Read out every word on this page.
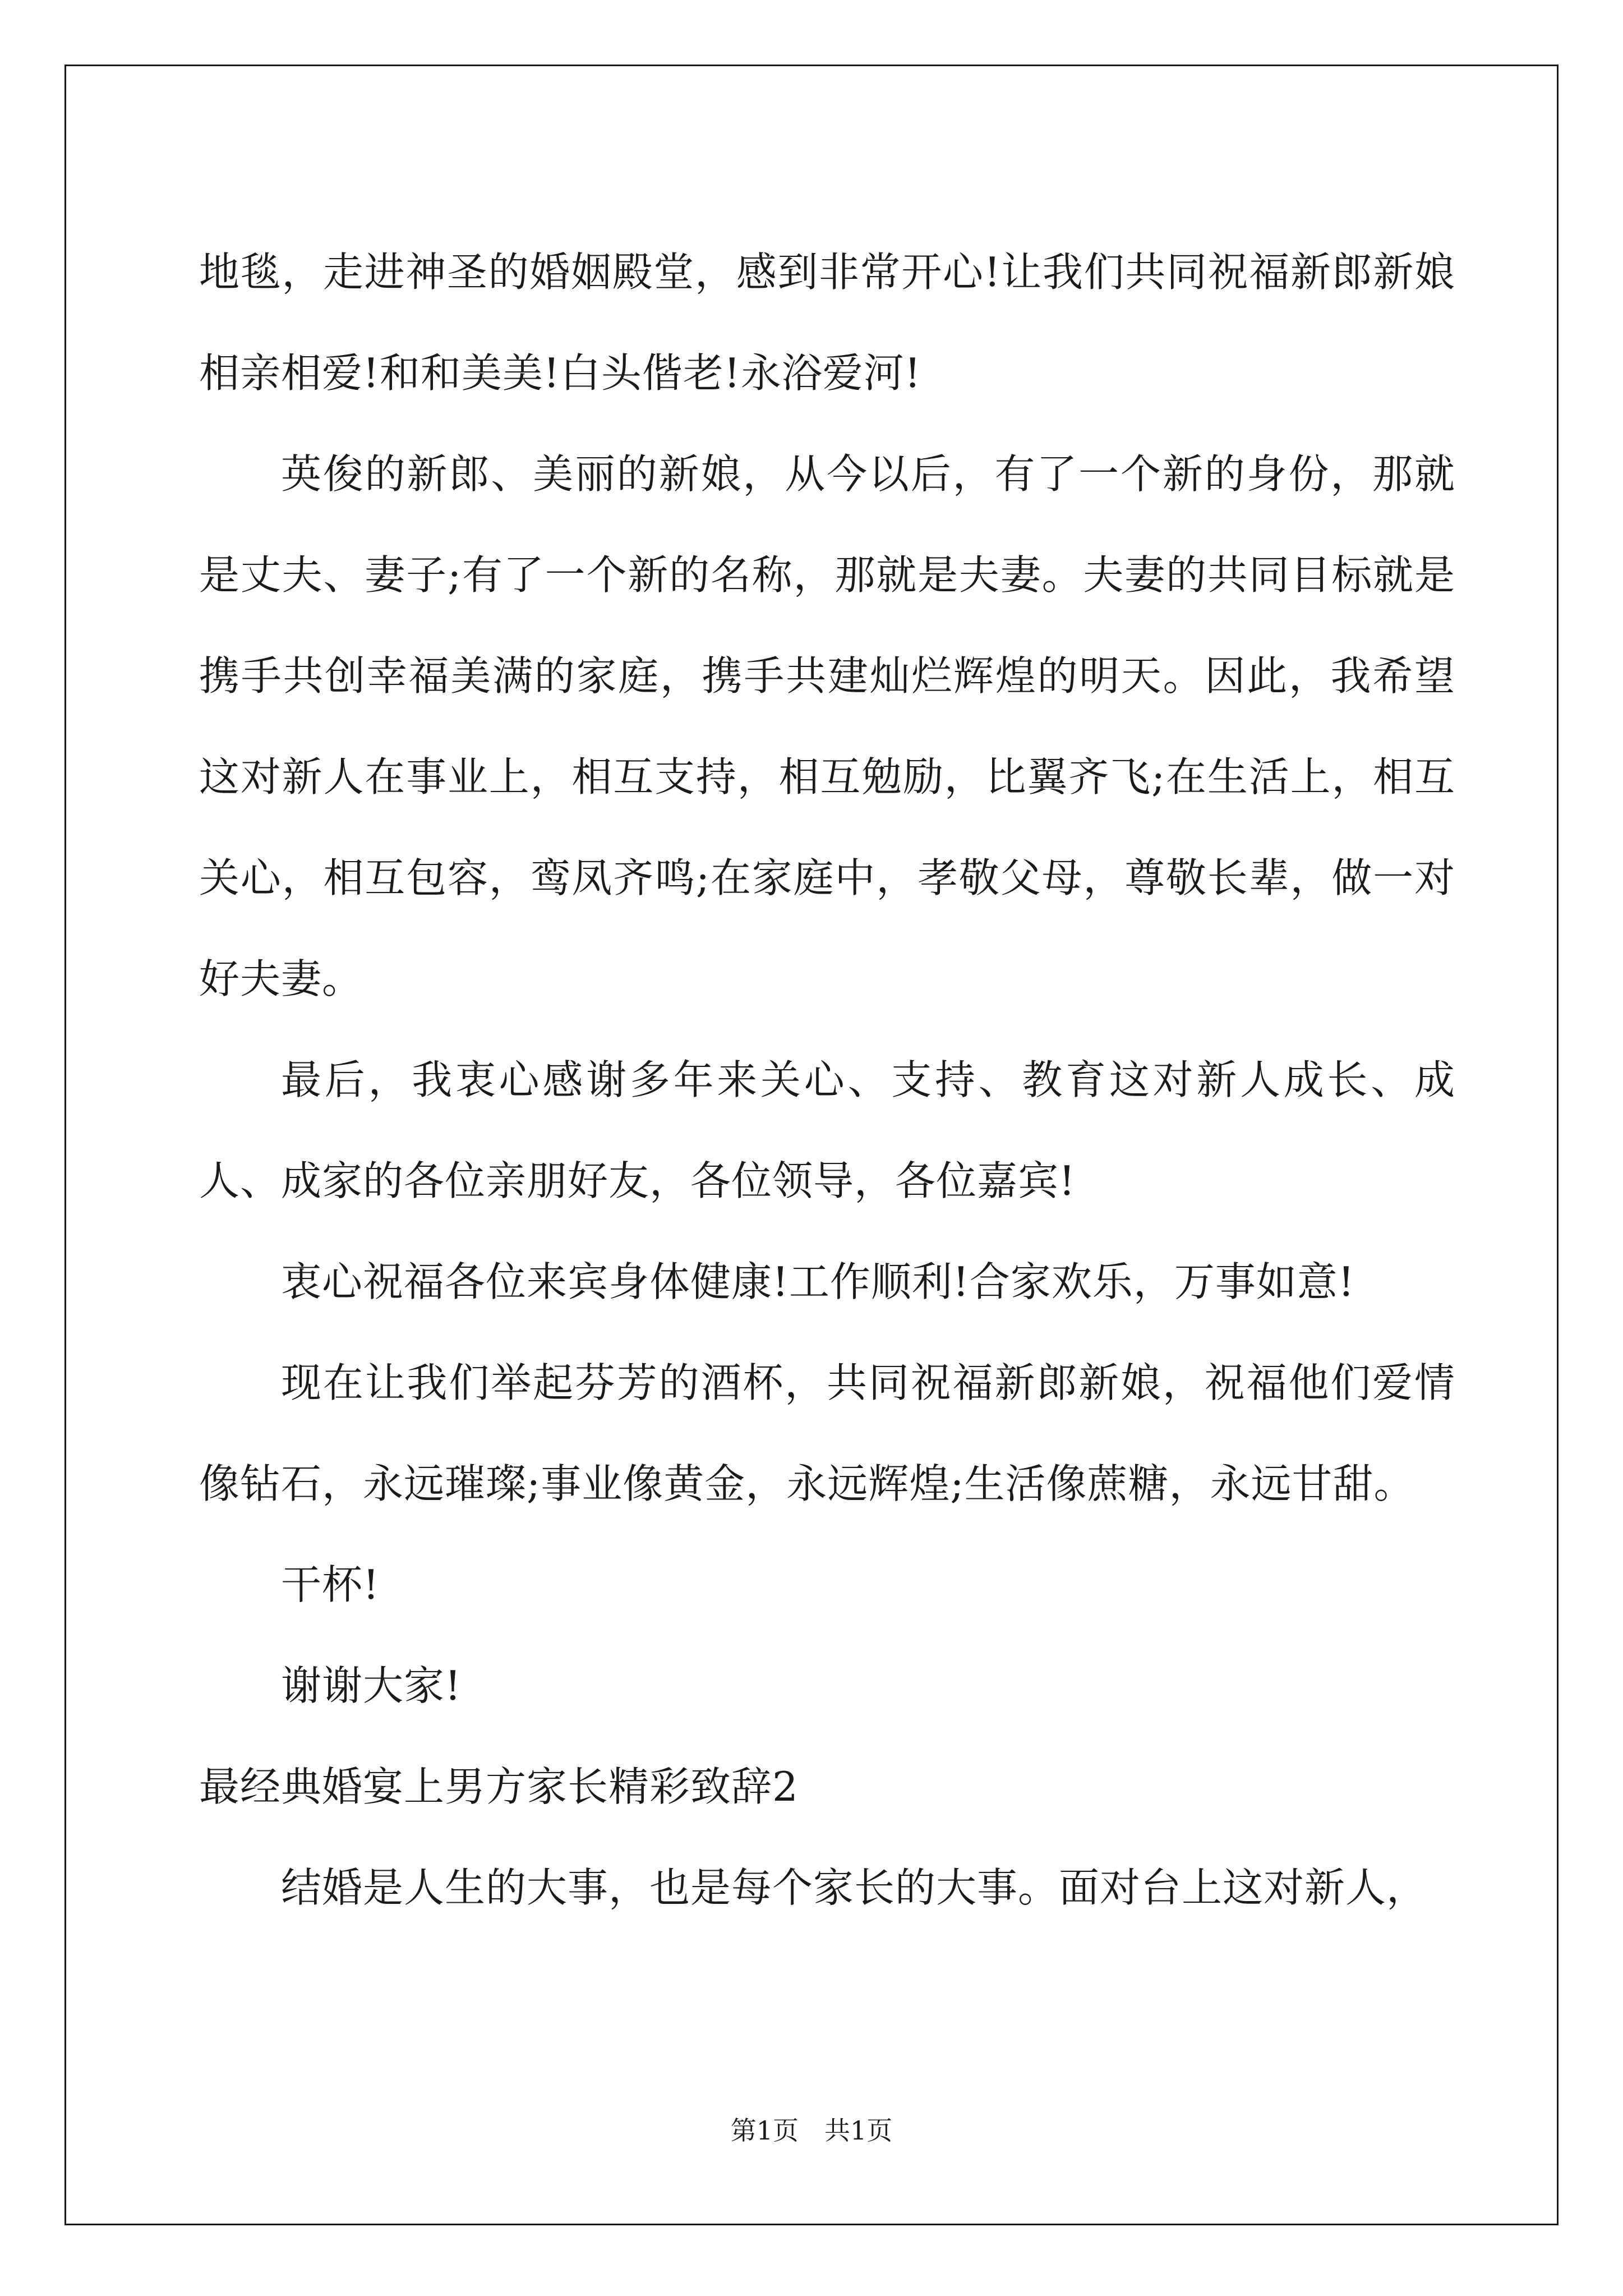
地毯，走进神圣的婚姻殿堂，感到非常开心!让我们共同祝福新郎新娘相亲相爱!和和美美!白头偕老!永浴爱河!

英俊的新郎、美丽的新娘，从今以后，有了一个新的身份，那就是丈夫、妻子;有了一个新的名称，那就是夫妻。夫妻的共同目标就是携手共创幸福美满的家庭，携手共建灿烂辉煌的明天。因此，我希望这对新人在事业上，相互支持，相互勉励，比翼齐飞;在生活上，相互关心，相互包容，鸾凤齐鸣;在家庭中，孝敬父母，尊敬长辈，做一对好夫妻。

最后，我衷心感谢多年来关心、支持、教育这对新人成长、成人、成家的各位亲朋好友，各位领导，各位嘉宾!

衷心祝福各位来宾身体健康!工作顺利!合家欢乐，万事如意!

现在让我们举起芬芳的酒杯，共同祝福新郎新娘，祝福他们爱情像钻石，永远璀璨;事业像黄金，永远辉煌;生活像蔗糖，永远甘甜。

干杯!

谢谢大家!

最经典婚宴上男方家长精彩致辞2

结婚是人生的大事，也是每个家长的大事。面对台上这对新人，

第1页　共1页
